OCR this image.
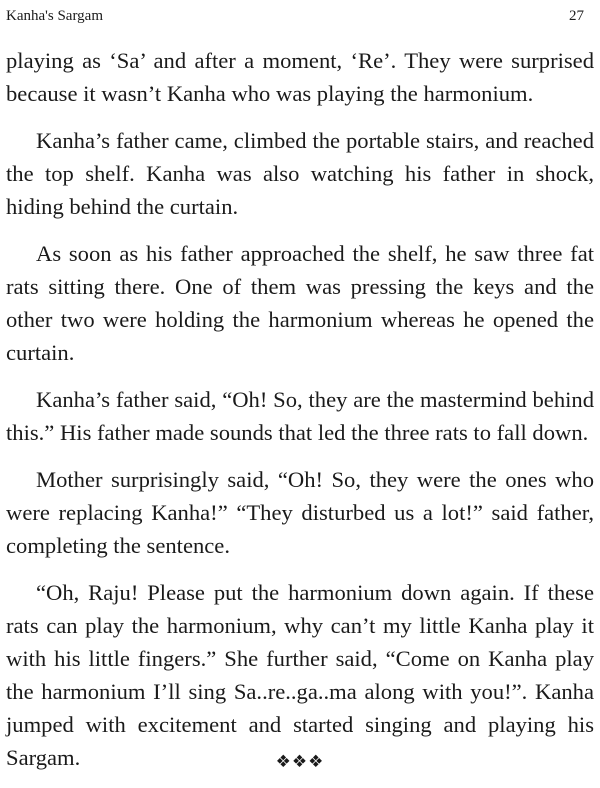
Kanha's Sargam	27

playing as ‘Sa’ and after a moment, ‘Re’. They were surprised because it wasn’t Kanha who was playing the harmonium.

Kanha’s father came, climbed the portable stairs, and reached the top shelf. Kanha was also watching his father in shock, hiding behind the curtain.

As soon as his father approached the shelf, he saw three fat rats sitting there. One of them was pressing the keys and the other two were holding the harmonium whereas he opened the curtain.

Kanha’s father said, “Oh! So, they are the mastermind behind this.” His father made sounds that led the three rats to fall down.

Mother surprisingly said, “Oh! So, they were the ones who were replacing Kanha!” “They disturbed us a lot!” said father, completing the sentence.

“Oh, Raju! Please put the harmonium down again. If these rats can play the harmonium, why can’t my little Kanha play it with his little fingers.” She further said, “Come on Kanha play the harmonium I’ll sing Sa..re..ga..ma along with you!”. Kanha jumped with excitement and started singing and playing his Sargam.	❖❖❖
